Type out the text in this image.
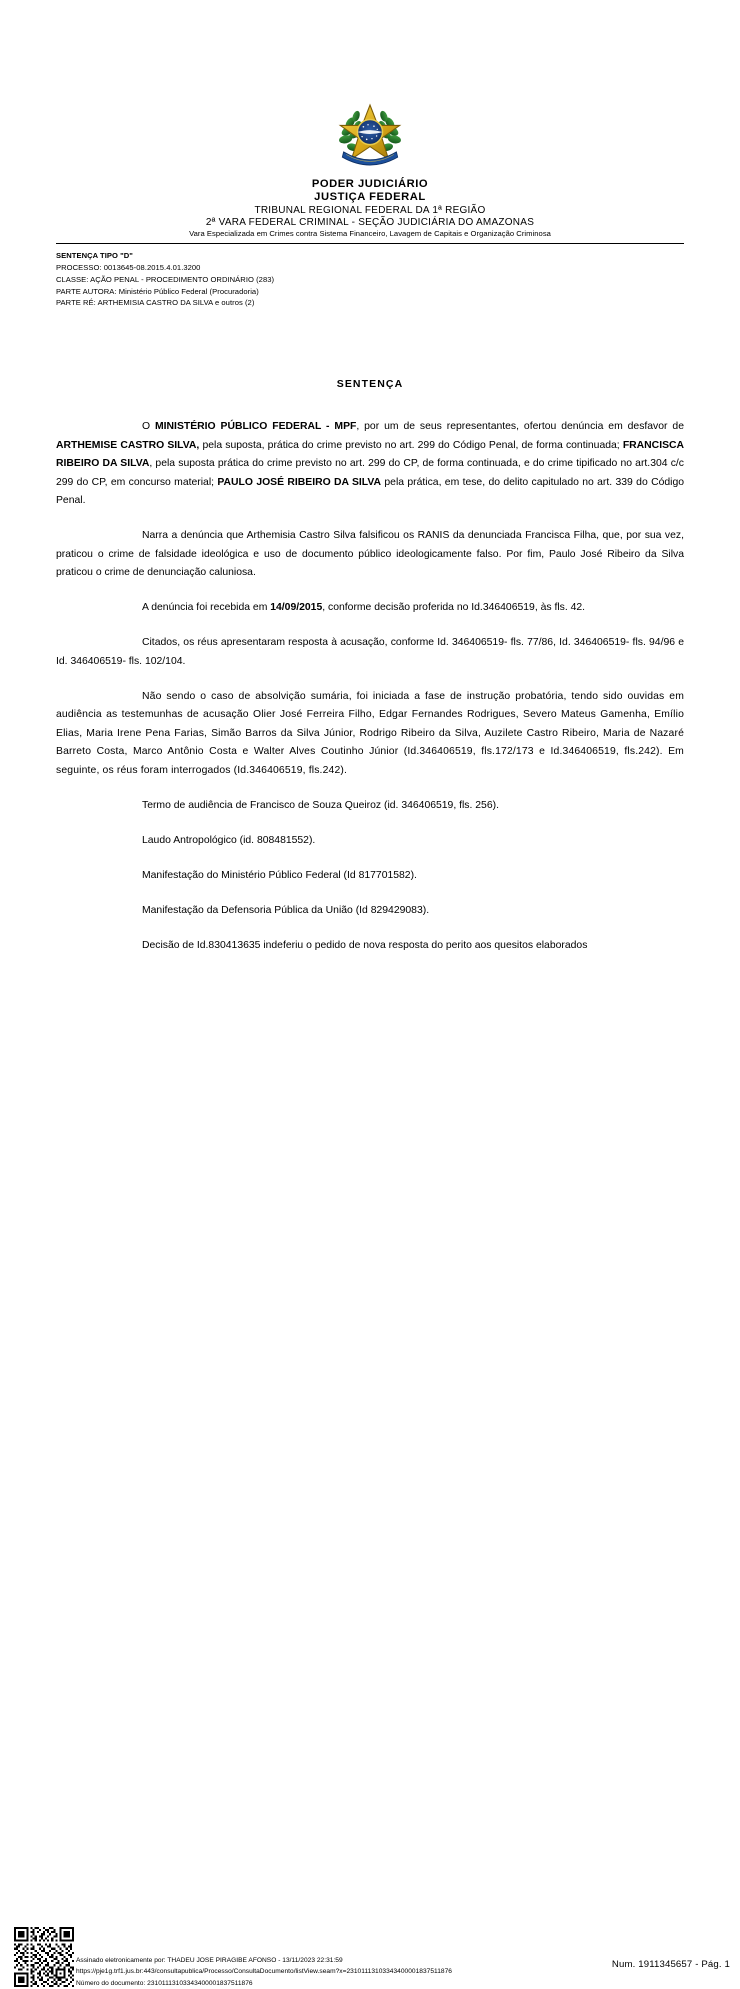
PODER JUDICIÁRIO
JUSTIÇA FEDERAL
TRIBUNAL REGIONAL FEDERAL DA 1ª REGIÃO
2ª VARA FEDERAL CRIMINAL - SEÇÃO JUDICIÁRIA DO AMAZONAS
Vara Especializada em Crimes contra Sistema Financeiro, Lavagem de Capitais e Organização Criminosa
SENTENÇA TIPO "D"
PROCESSO: 0013645-08.2015.4.01.3200
CLASSE: AÇÃO PENAL - PROCEDIMENTO ORDINÁRIO (283)
PARTE AUTORA: Ministério Público Federal (Procuradoria)
PARTE RÉ: ARTHEMISIA CASTRO DA SILVA e outros (2)
SENTENÇA

O MINISTÉRIO PÚBLICO FEDERAL - MPF, por um de seus representantes, ofertou denúncia em desfavor de ARTHEMISE CASTRO SILVA, pela suposta, prática do crime previsto no art. 299 do Código Penal, de forma continuada; FRANCISCA RIBEIRO DA SILVA, pela suposta prática do crime previsto no art. 299 do CP, de forma continuada, e do crime tipificado no art.304 c/c 299 do CP, em concurso material; PAULO JOSÉ RIBEIRO DA SILVA pela prática, em tese, do delito capitulado no art. 339 do Código Penal.

Narra a denúncia que Arthemisia Castro Silva falsificou os RANIS da denunciada Francisca Filha, que, por sua vez, praticou o crime de falsidade ideológica e uso de documento público ideologicamente falso. Por fim, Paulo José Ribeiro da Silva praticou o crime de denunciação caluniosa.

A denúncia foi recebida em 14/09/2015, conforme decisão proferida no Id.346406519, às fls. 42.

Citados, os réus apresentaram resposta à acusação, conforme Id. 346406519- fls. 77/86, Id. 346406519- fls. 94/96 e Id. 346406519- fls. 102/104.

Não sendo o caso de absolvição sumária, foi iniciada a fase de instrução probatória, tendo sido ouvidas em audiência as testemunhas de acusação Olier José Ferreira Filho, Edgar Fernandes Rodrigues, Severo Mateus Gamenha, Emílio Elias, Maria Irene Pena Farias, Simão Barros da Silva Júnior, Rodrigo Ribeiro da Silva, Auzilete Castro Ribeiro, Maria de Nazaré Barreto Costa, Marco Antônio Costa e Walter Alves Coutinho Júnior (Id.346406519, fls.172/173 e Id.346406519, fls.242). Em seguinte, os réus foram interrogados (Id.346406519, fls.242).

Termo de audiência de Francisco de Souza Queiroz (id. 346406519, fls. 256).

Laudo Antropológico (id. 808481552).

Manifestação do Ministério Público Federal (Id 817701582).

Manifestação da Defensoria Pública da União (Id 829429083).

Decisão de Id.830413635 indeferiu o pedido de nova resposta do perito aos quesitos elaborados

Assinado eletronicamente por: THADEU JOSE PIRAGIBE AFONSO - 13/11/2023 22:31:59
https://pje1g.trf1.jus.br:443/consultapublica/Processo/ConsultaDocumento/listView.seam?x=23101113103343400001837511876
Número do documento: 23101113103343400001837511876
Num. 1911345657 - Pág. 1
